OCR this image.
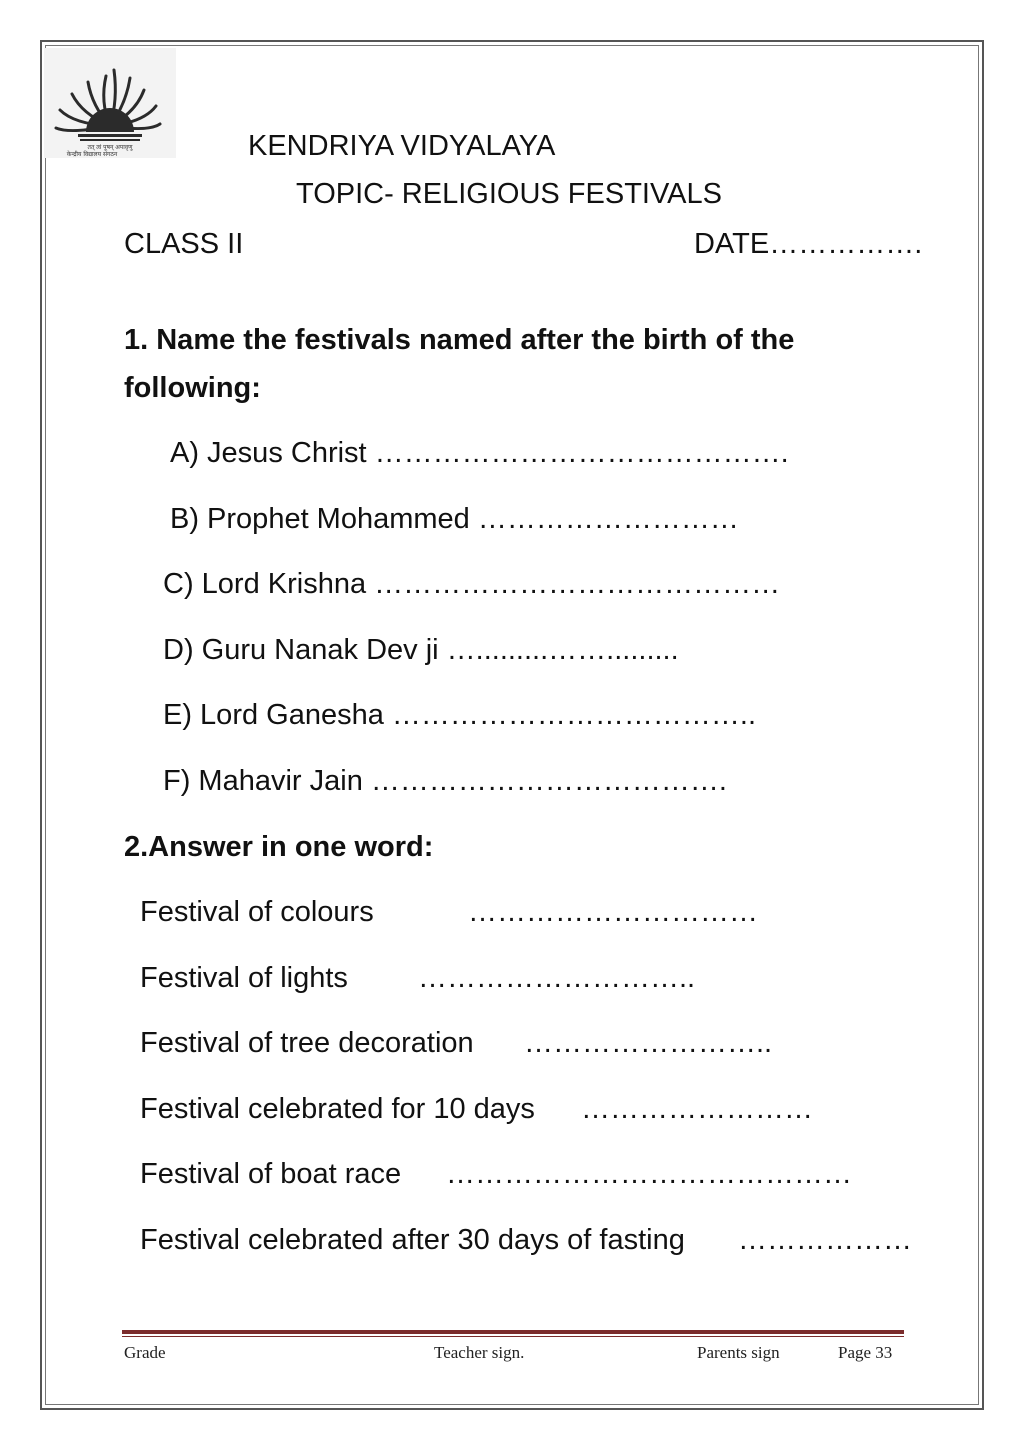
तत् त्वं पूषन् अपावृणु
केन्द्रीय विद्यालय संगठन	KENDRIYA VIDYALAYA
TOPIC- RELIGIOUS FESTIVALS
CLASS II	DATE…………….
1. Name the festivals named after the birth of the
following:
A) Jesus Christ …………………………………….
B) Prophet Mohammed ………………………
C) Lord Krishna ……………………………………
D) Guru Nanak Dev ji ….........…….........
E) Lord Ganesha ………………………………..
F) Mahavir Jain ……………………………….
2.Answer in one word:
Festival of colours	…………………………
Festival of lights ………………………..
Festival of tree decoration ……………………..
Festival celebrated for 10 days ……………………
Festival of boat race ……………………………………
Festival celebrated after 30 days of fasting ………………
Grade	Teacher sign.	Parents sign	Page 33
